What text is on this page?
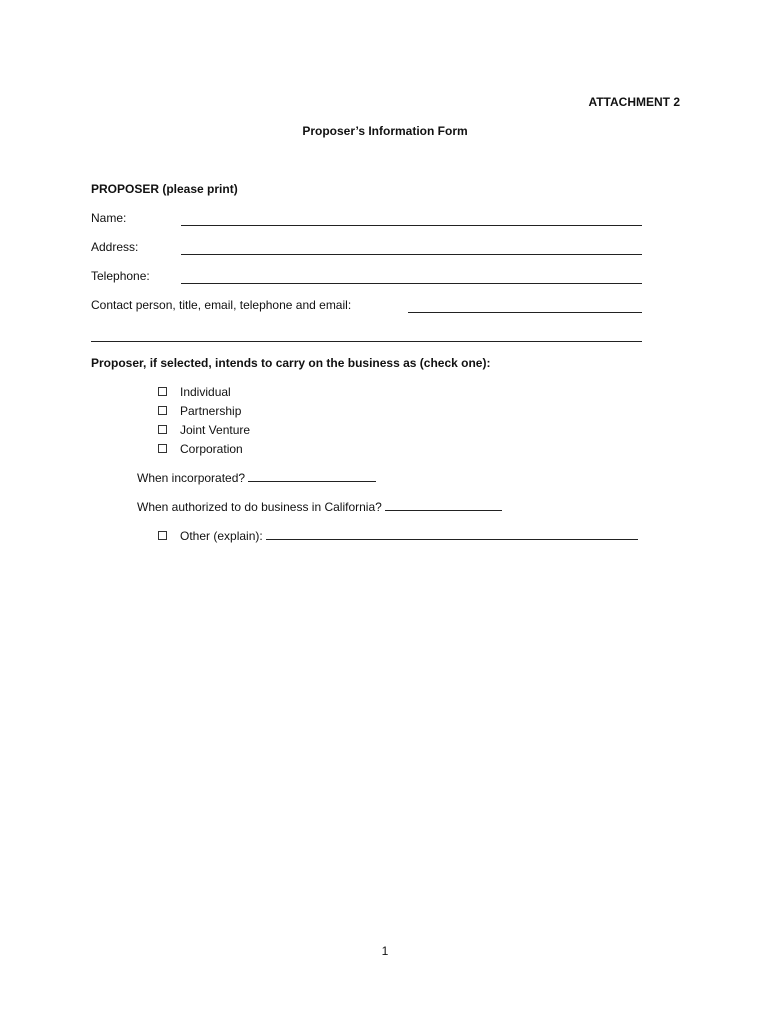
ATTACHMENT 2
Proposer’s Information Form
PROPOSER (please print)
Name:
Address:
Telephone:
Contact person, title, email, telephone and email:
Proposer, if selected, intends to carry on the business as (check one):
Individual
Partnership
Joint Venture
Corporation
When incorporated?
When authorized to do business in California?
Other (explain):
1
